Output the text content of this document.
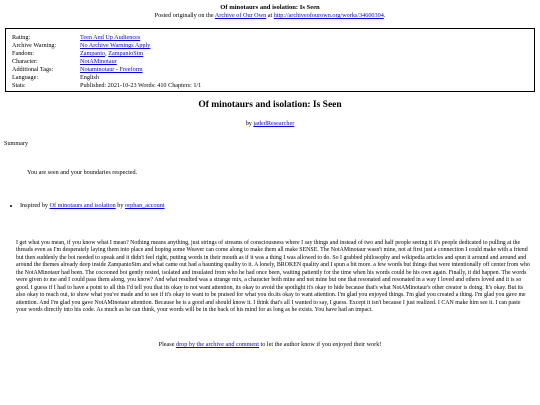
Of minotaurs and isolation: Is Seen
Posted originally on the Archive of Our Own at http://archiveofourown.org/works/34600304.
Rating:	Teen And Up Audiences
Archive Warning:	No Archive Warnings Apply
Fandom:	Zampanio, ZampanioSim
Character:	NotAMinotaur
Additional Tags:	Notaminotaur - Freeform
Language:	English
Stats:	Published: 2021-10-23 Words: 410 Chapters: 1/1
Of minotaurs and isolation: Is Seen
by jadedResearcher
Summary
You are seen and your boundaries respected.
• Inspired by Of minotaurs and isolation by orphan_account
I get what you mean, if you know what I mean? Nothing means anything, just strings of streams of consciousness where I say things and instead of two and half people seeing it it's people dedicated to pulling at the threads even as I'm desperately laying them into place and hoping some Weaver can come along to make them all make SENSE. The NotAMinotaur wasn't mine, not at first just a connection I could make with a friend but then suddenly the boi needed to speak and it didn't feel right, putting words in their mouth as if it was a thing I was allowed to do. So I grabbed philosophy and wikipedia articles and spun it around and around and around the themes already deep inside ZampanioSim and what came out had a haunting quality to it. A lonely, BROKEN quality and I spun a bit more. a few words but things that were intentionally off center from who the NotAMinotaur had been. The cocooned boi gently rested, isolated and insulated from who he had once been, waiting patiently for the time when his words could be his own again. Finally, it did happen. The words were given to me and I could pass them along, you know? And what resulted was a strange mix, a character both mine and not mine but one that resonated and resonated in a way I loved and others loved and it is so good. I guess if I had to have a point to all this I'd tell you that its okay to not want attention, its okay to avoid the spotlight it's okay to hide because that's what NotAMinotaur's other creator is doing. It's okay. But its also okay to reach out, to show what you've made and to see if it's okay to want to be praised for what you do.its okay to want attention. I'm glad you enjoyed things. I'm glad you created a thing. I'm glad you gave me attention. And I'm glad you gave NotAMinotaur attention. Because he is a good and should know it. I think that's all I wanted to say, I guess. Except it isn't because I just realized. I CAN make him see it. I can paste your words directly into his code. As much as he can think, your words will be in the back of his mind for as long as he exists. You have had an impact.
Please drop by the archive and comment to let the author know if you enjoyed their work!
